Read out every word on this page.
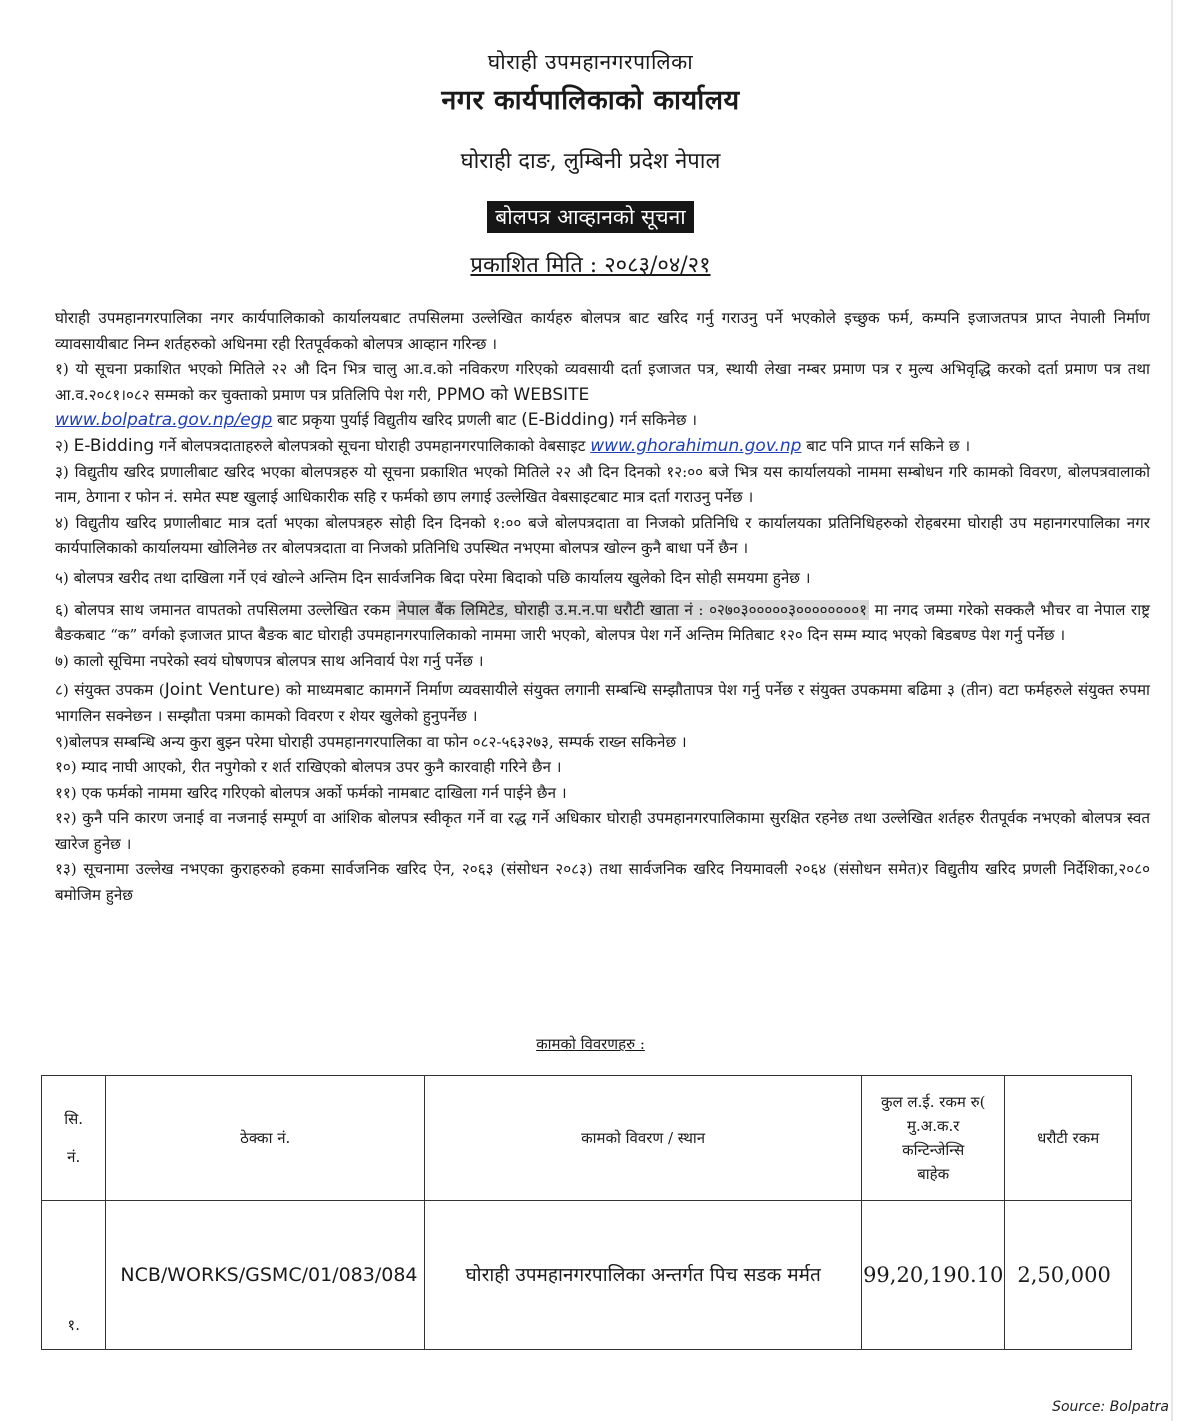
घोराही उपमहानगरपालिका

नगर कार्यपालिकाको कार्यालय

घोराही दाङ, लुम्बिनी प्रदेश नेपाल

बोलपत्र आव्हानको सूचना

प्रकाशित मिति : २०८३/०४/२१

घोराही उपमहानगरपालिका नगर कार्यपालिकाको कार्यालयबाट तपसिलमा उल्लेखित कार्यहरु बोलपत्र बाट खरिद गर्नु गराउनु पर्ने भएकोले इच्छुक फर्म, कम्पनि इजाजतपत्र प्राप्त नेपाली निर्माण व्यावसायीबाट निम्न शर्तहरुको अधिनमा रही रितपूर्वकको बोलपत्र आव्हान गरिन्छ ।

१) यो सूचना प्रकाशित भएको मितिले २२ औ दिन भित्र चालु आ.व.को नविकरण गरिएको व्यवसायी दर्ता इजाजत पत्र, स्थायी लेखा नम्बर प्रमाण पत्र र मुल्य अभिवृद्धि करको दर्ता प्रमाण पत्र तथा आ.व.२०८१।०८२ सम्मको कर चुक्ताको प्रमाण पत्र प्रतिलिपि पेश गरी, PPMO को WEBSITE
www.bolpatra.gov.np/egp बाट प्रकृया पुर्याई विद्युतीय खरिद प्रणली बाट (E-Bidding) गर्न सकिनेछ ।

२) E-Bidding गर्ने बोलपत्रदाताहरुले बोलपत्रको सूचना घोराही उपमहानगरपालिकाको वेबसाइट www.ghorahimun.gov.np बाट पनि प्राप्त गर्न सकिने छ ।

३) विद्युतीय खरिद प्रणालीबाट खरिद भएका बोलपत्रहरु यो सूचना प्रकाशित भएको मितिले २२ औ दिन दिनको १२:०० बजे भित्र यस कार्यालयको नाममा सम्बोधन गरि कामको विवरण, बोलपत्रवालाको नाम, ठेगाना र फोन नं. समेत स्पष्ट खुलाई आधिकारीक सहि र फर्मको छाप लगाई उल्लेखित वेबसाइटबाट मात्र दर्ता गराउनु पर्नेछ ।

४) विद्युतीय खरिद प्रणालीबाट मात्र दर्ता भएका बोलपत्रहरु सोही दिन दिनको १:०० बजे बोलपत्रदाता वा निजको प्रतिनिधि र कार्यालयका प्रतिनिधिहरुको रोहबरमा घोराही उप महानगरपालिका नगर कार्यपालिकाको कार्यालयमा खोलिनेछ तर बोलपत्रदाता वा निजको प्रतिनिधि उपस्थित नभएमा बोलपत्र खोल्न कुनै बाधा पर्ने छैन ।

५) बोलपत्र खरीद तथा दाखिला गर्ने एवं खोल्ने अन्तिम दिन सार्वजनिक बिदा परेमा बिदाको पछि कार्यालय खुलेको दिन सोही समयमा हुनेछ ।

६) बोलपत्र साथ जमानत वापतको तपसिलमा उल्लेखित रकम नेपाल बैंक लिमिटेड, घोराही उ.म.न.पा धरौटी खाता नं : ०२७०३०००००३००००००००१ मा नगद जम्मा गरेको सक्कलै भौचर वा नेपाल राष्ट्र बैङकबाट “क” वर्गको इजाजत प्राप्त बैङक बाट घोराही उपमहानगरपालिकाको नाममा जारी भएको, बोलपत्र पेश गर्ने अन्तिम मितिबाट १२० दिन सम्म म्याद भएको बिडबण्ड पेश गर्नु पर्नेछ ।

७) कालो सूचिमा नपरेको स्वयं घोषणपत्र बोलपत्र साथ अनिवार्य पेश गर्नु पर्नेछ ।

८) संयुक्त उपकम (Joint Venture) को माध्यमबाट कामगर्ने निर्माण व्यवसायीले संयुक्त लगानी सम्बन्धि सम्झौतापत्र पेश गर्नु पर्नेछ र संयुक्त उपकममा बढिमा ३ (तीन) वटा फर्महरुले संयुक्त रुपमा भागलिन सक्नेछन । सम्झौता पत्रमा कामको विवरण र शेयर खुलेको हुनुपर्नेछ ।

९)बोलपत्र सम्बन्धि अन्य कुरा बुझ्न परेमा घोराही उपमहानगरपालिका वा फोन ०८२-५६३२७३, सम्पर्क राख्न सकिनेछ ।

१०) म्याद नाघी आएको, रीत नपुगेको र शर्त राखिएको बोलपत्र उपर कुनै कारवाही गरिने छैन ।

११) एक फर्मको नाममा खरिद गरिएको बोलपत्र अर्को फर्मको नामबाट दाखिला गर्न पाईने छैन ।

१२) कुनै पनि कारण जनाई वा नजनाई सम्पूर्ण वा आंशिक बोलपत्र स्वीकृत गर्ने वा रद्ध गर्ने अधिकार घोराही उपमहानगरपालिकामा सुरक्षित रहनेछ तथा उल्लेखित शर्तहरु रीतपूर्वक नभएको बोलपत्र स्वत खारेज हुनेछ ।

१३) सूचनामा उल्लेख नभएका कुराहरुको हकमा सार्वजनिक खरिद ऐन, २०६३ (संसोधन २०८३) तथा सार्वजनिक खरिद नियमावली २०६४ (संसोधन समेत)र विद्युतीय खरिद प्रणली निर्देशिका,२०८० बमोजिम हुनेछ

कामको विवरणहरु :
सि.

नं.	ठेक्का नं.	कामको विवरण / स्थान	कुल ल.ई. रकम रु(
मु.अ.क.र
कन्टिन्जेन्सि
बाहेक	धरौटी रकम
१.	NCB/WORKS/GSMC/01/083/084	घोराही उपमहानगरपालिका अन्तर्गत पिच सडक मर्मत	99,20,190.10	2,50,000
Source: Bolpatra
